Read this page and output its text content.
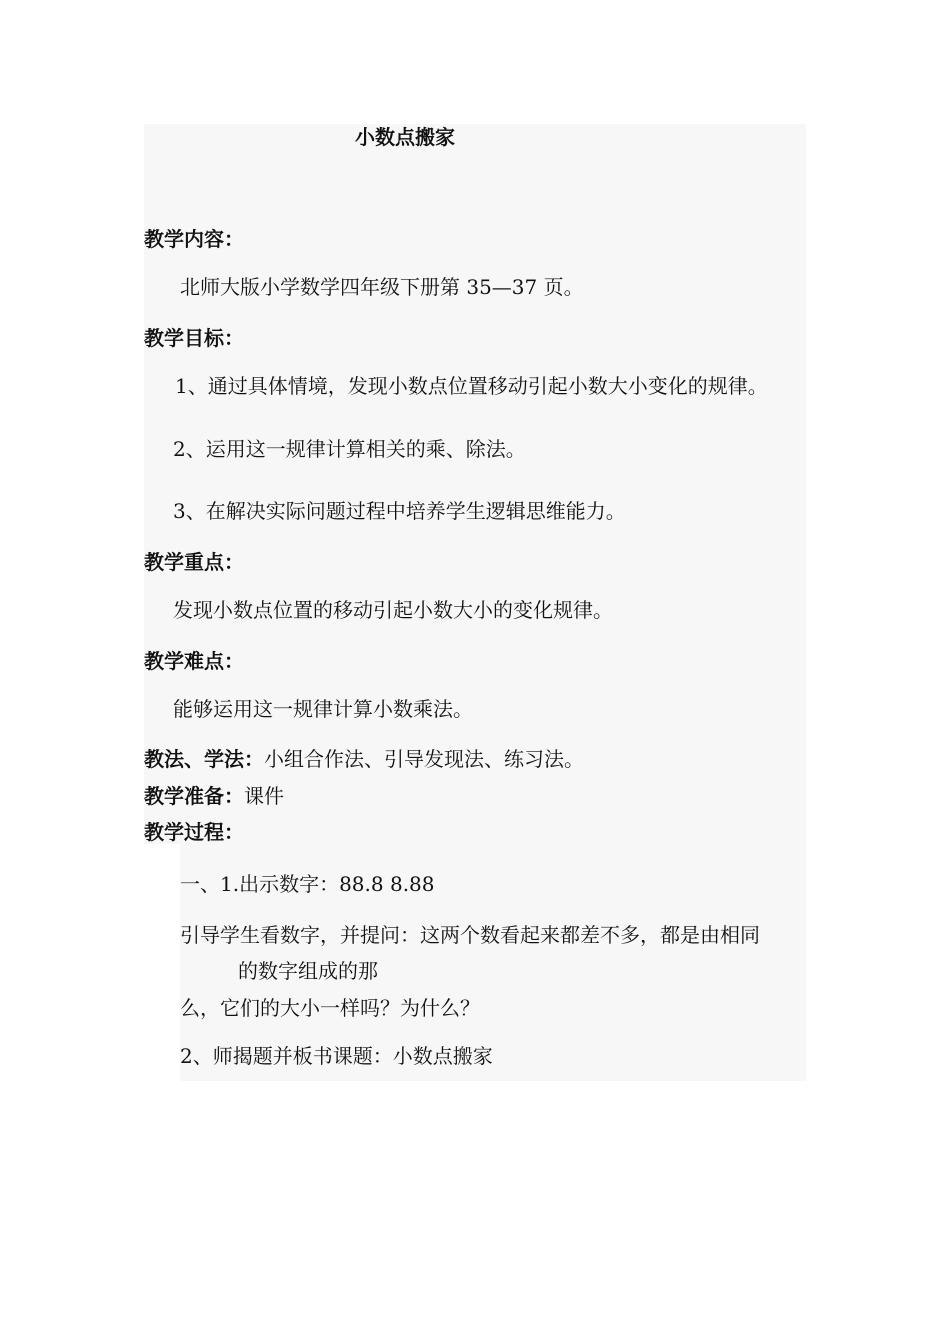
小数点搬家
教学内容：
北师大版小学数学四年级下册第 35—37 页。
教学目标：
1、通过具体情境，发现小数点位置移动引起小数大小变化的规律。
2、运用这一规律计算相关的乘、除法。
3、在解决实际问题过程中培养学生逻辑思维能力。
教学重点：
发现小数点位置的移动引起小数大小的变化规律。
教学难点：
能够运用这一规律计算小数乘法。
教法、学法：小组合作法、引导发现法、练习法。
教学准备：课件
教学过程：
一、1.出示数字：88.8 8.88
引导学生看数字，并提问：这两个数看起来都差不多，都是由相同
的数字组成的那
么，它们的大小一样吗？为什么？
2、师揭题并板书课题：小数点搬家
